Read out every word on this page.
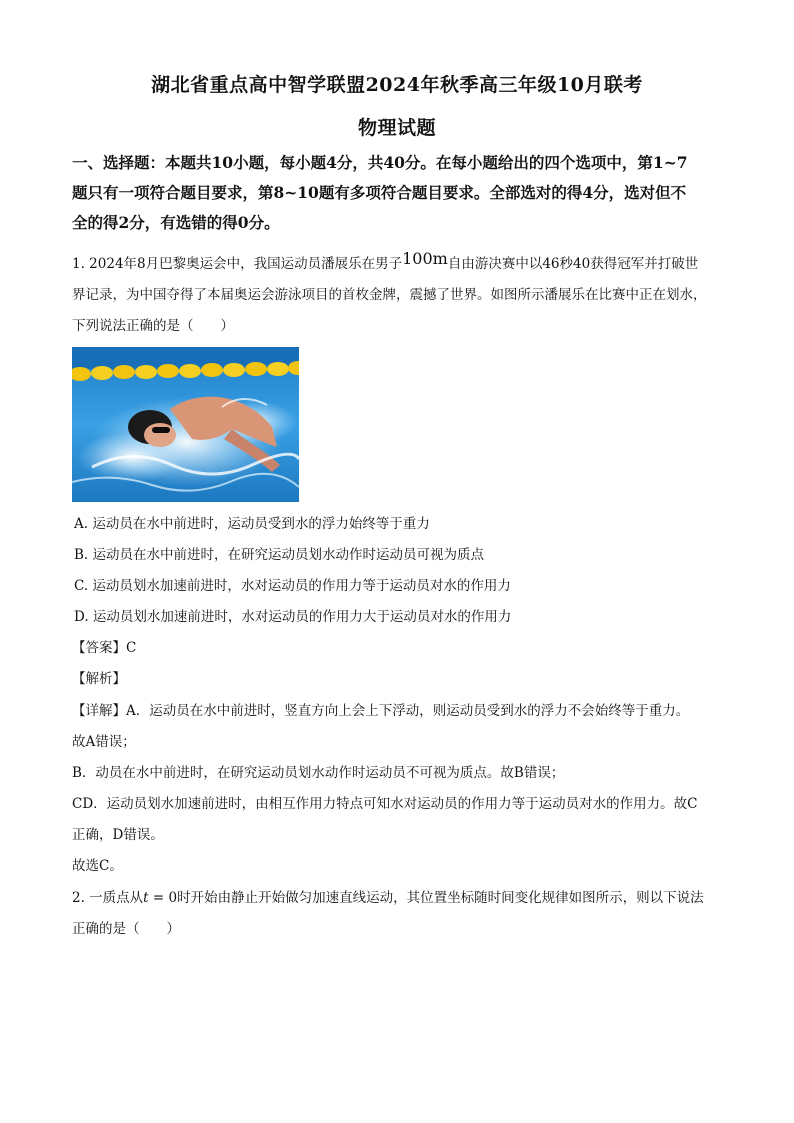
湖北省重点高中智学联盟2024年秋季高三年级10月联考
物理试题
一、选择题：本题共10小题，每小题4分，共40分。在每小题给出的四个选项中，第1~7
题只有一项符合题目要求，第8~10题有多项符合题目要求。全部选对的得4分，选对但不
全的得2分，有选错的得0分。
1. 2024年8月巴黎奥运会中，我国运动员潘展乐在男子100m自由游决赛中以46秒40获得冠军并打破世
界记录，为中国夺得了本届奥运会游泳项目的首枚金牌，震撼了世界。如图所示潘展乐在比赛中正在划水，
下列说法正确的是（　　）
A. 运动员在水中前进时，运动员受到水的浮力始终等于重力
B. 运动员在水中前进时，在研究运动员划水动作时运动员可视为质点
C. 运动员划水加速前进时，水对运动员的作用力等于运动员对水的作用力
D. 运动员划水加速前进时，水对运动员的作用力大于运动员对水的作用力
【答案】C
【解析】
【详解】A．运动员在水中前进时，竖直方向上会上下浮动，则运动员受到水的浮力不会始终等于重力。
故A错误；
B．动员在水中前进时，在研究运动员划水动作时运动员不可视为质点。故B错误；
CD．运动员划水加速前进时，由相互作用力特点可知水对运动员的作用力等于运动员对水的作用力。故C
正确，D错误。
故选C。
2. 一质点从t = 0时开始由静止开始做匀加速直线运动，其位置坐标随时间变化规律如图所示，则以下说法
正确的是（　　）
